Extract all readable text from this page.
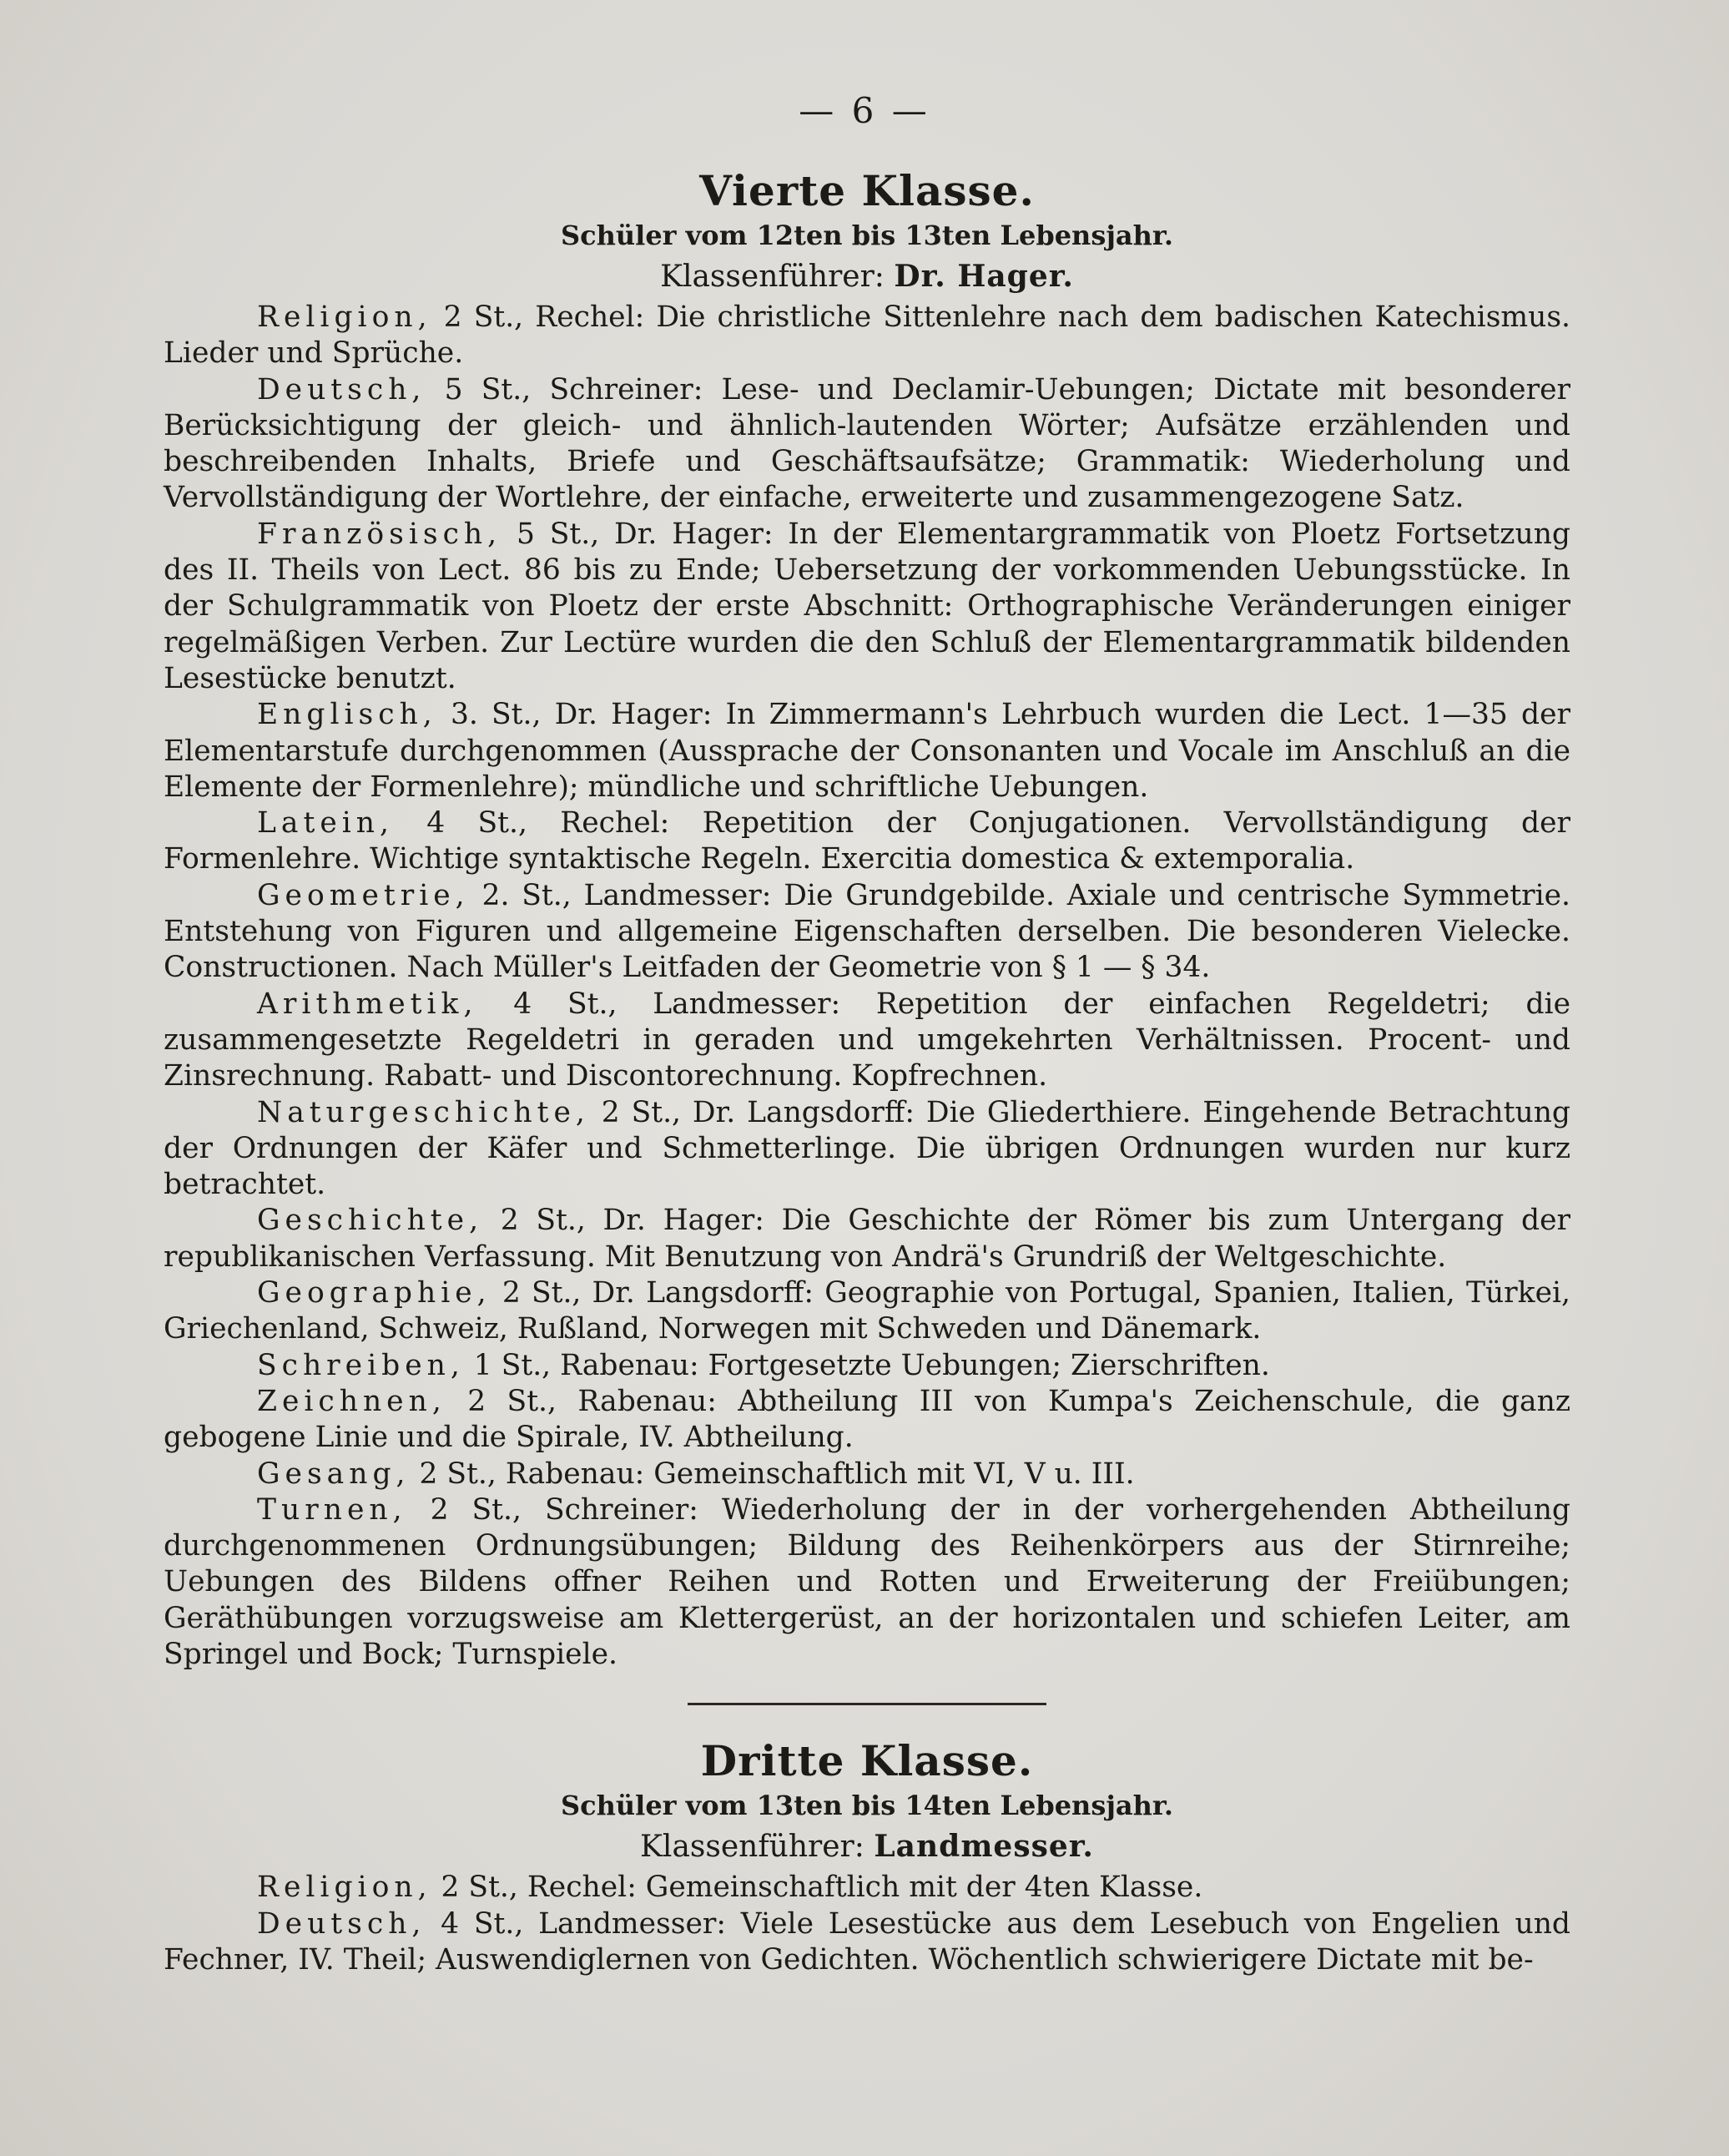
— 6 —
Vierte Klasse.

Schüler vom 12ten bis 13ten Lebensjahr.

Klassenführer: Dr. Hager.

Religion, 2 St., Rechel: Die christliche Sittenlehre nach dem badischen Katechismus. Lieder und Sprüche.

Deutsch, 5 St., Schreiner: Lese- und Declamir-Uebungen; Dictate mit besonderer Berücksichtigung der gleich- und ähnlich-lautenden Wörter; Aufsätze erzählenden und beschreibenden Inhalts, Briefe und Geschäftsaufsätze; Grammatik: Wiederholung und Vervollständigung der Wortlehre, der einfache, erweiterte und zusammengezogene Satz.

Französisch, 5 St., Dr. Hager: In der Elementargrammatik von Ploetz Fortsetzung des II. Theils von Lect. 86 bis zu Ende; Uebersetzung der vorkommenden Uebungsstücke. In der Schulgrammatik von Ploetz der erste Abschnitt: Orthographische Veränderungen einiger regelmäßigen Verben. Zur Lectüre wurden die den Schluß der Elementargrammatik bildenden Lesestücke benutzt.

Englisch, 3. St., Dr. Hager: In Zimmermann's Lehrbuch wurden die Lect. 1—35 der Elementarstufe durchgenommen (Aussprache der Consonanten und Vocale im Anschluß an die Elemente der Formenlehre); mündliche und schriftliche Uebungen.

Latein, 4 St., Rechel: Repetition der Conjugationen. Vervollständigung der Formenlehre. Wichtige syntaktische Regeln. Exercitia domestica & extemporalia.

Geometrie, 2. St., Landmesser: Die Grundgebilde. Axiale und centrische Symmetrie. Entstehung von Figuren und allgemeine Eigenschaften derselben. Die besonderen Vielecke. Constructionen. Nach Müller's Leitfaden der Geometrie von § 1 — § 34.

Arithmetik, 4 St., Landmesser: Repetition der einfachen Regeldetri; die zusammengesetzte Regeldetri in geraden und umgekehrten Verhältnissen. Procent- und Zinsrechnung. Rabatt- und Discontorechnung. Kopfrechnen.

Naturgeschichte, 2 St., Dr. Langsdorff: Die Gliederthiere. Eingehende Betrachtung der Ordnungen der Käfer und Schmetterlinge. Die übrigen Ordnungen wurden nur kurz betrachtet.

Geschichte, 2 St., Dr. Hager: Die Geschichte der Römer bis zum Untergang der republikanischen Verfassung. Mit Benutzung von Andrä's Grundriß der Weltgeschichte.

Geographie, 2 St., Dr. Langsdorff: Geographie von Portugal, Spanien, Italien, Türkei, Griechenland, Schweiz, Rußland, Norwegen mit Schweden und Dänemark.

Schreiben, 1 St., Rabenau: Fortgesetzte Uebungen; Zierschriften.

Zeichnen, 2 St., Rabenau: Abtheilung III von Kumpa's Zeichenschule, die ganz gebogene Linie und die Spirale, IV. Abtheilung.

Gesang, 2 St., Rabenau: Gemeinschaftlich mit VI, V u. III.

Turnen, 2 St., Schreiner: Wiederholung der in der vorhergehenden Abtheilung durchgenommenen Ordnungsübungen; Bildung des Reihenkörpers aus der Stirnreihe; Uebungen des Bildens offner Reihen und Rotten und Erweiterung der Freiübungen; Geräthübungen vorzugsweise am Klettergerüst, an der horizontalen und schiefen Leiter, am Springel und Bock; Turnspiele.

Dritte Klasse.

Schüler vom 13ten bis 14ten Lebensjahr.

Klassenführer: Landmesser.

Religion, 2 St., Rechel: Gemeinschaftlich mit der 4ten Klasse.

Deutsch, 4 St., Landmesser: Viele Lesestücke aus dem Lesebuch von Engelien und Fechner, IV. Theil; Auswendiglernen von Gedichten. Wöchentlich schwierigere Dictate mit be-
